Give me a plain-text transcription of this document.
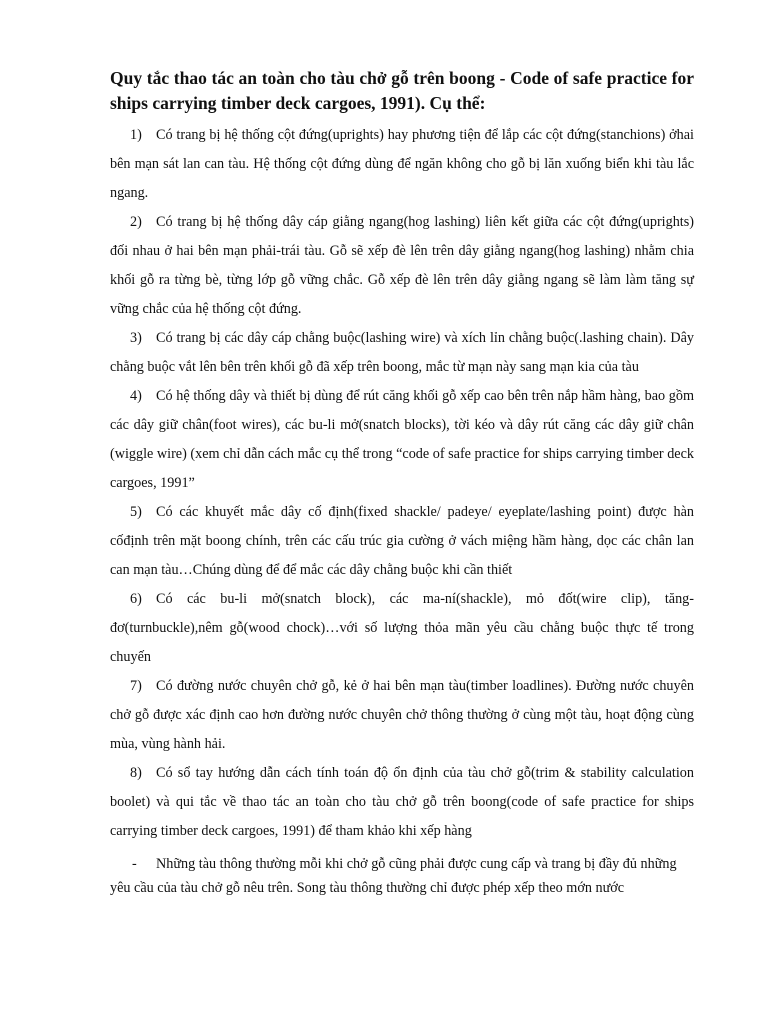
Quy tắc thao tác an toàn cho tàu chở gỗ trên boong - Code of safe practice for ships carrying timber deck cargoes, 1991). Cụ thể:

1) Có trang bị hệ thống cột đứng(uprights) hay phương tiện để lắp các cột đứng(stanchions) ởhai bên mạn sát lan can tàu. Hệ thống cột đứng dùng để ngăn không cho gỗ bị lăn xuống biển khi tàu lắc ngang.

2) Có trang bị hệ thống dây cáp giằng ngang(hog lashing) liên kết giữa các cột đứng(uprights) đối nhau ở hai bên mạn phải-trái tàu. Gỗ sẽ xếp đè lên trên dây giằng ngang(hog lashing) nhằm chia khối gỗ ra từng bè, từng lớp gỗ vững chắc. Gỗ xếp đè lên trên dây giằng ngang sẽ làm làm tăng sự vững chắc của hệ thống cột đứng.

3) Có trang bị các dây cáp chằng buộc(lashing wire) và xích lỉn chằng buộc(.lashing chain). Dây chằng buộc vắt lên bên trên khối gỗ đã xếp trên boong, mắc từ mạn này sang mạn kia của tàu

4) Có hệ thống dây và thiết bị dùng để rút căng khối gỗ xếp cao bên trên nắp hầm hàng, bao gồm các dây giữ chân(foot wires), các bu-li mở(snatch blocks), tời kéo và dây rút căng các dây giữ chân (wiggle wire) (xem chỉ dẫn cách mắc cụ thể trong “code of safe practice for ships carrying timber deck cargoes, 1991”

5) Có các khuyết mắc dây cố định(fixed shackle/ padeye/ eyeplate/lashing point) được hàn cốđịnh trên mặt boong chính, trên các cấu trúc gia cường ở vách miệng hầm hàng, dọc các chân lan can mạn tàu…Chúng dùng để để mắc các dây chằng buộc khi cần thiết

6) Có các bu-li mở(snatch block), các ma-ní(shackle), mỏ đốt(wire clip), tăng-đơ(turnbuckle),nêm gỗ(wood chock)…với số lượng thỏa mãn yêu cầu chằng buộc thực tế trong chuyến

7) Có đường nước chuyên chở gỗ, kẻ ở hai bên mạn tàu(timber loadlines). Đường nước chuyên chở gỗ được xác định cao hơn đường nước chuyên chở thông thường ở cùng một tàu, hoạt động cùng mùa, vùng hành hải.

8) Có sổ tay hướng dẫn cách tính toán độ ổn định của tàu chở gỗ(trim & stability calculation boolet) và qui tắc về thao tác an toàn cho tàu chở gỗ trên boong(code of safe practice for ships carrying timber deck cargoes, 1991) để tham khảo khi xếp hàng

- Những tàu thông thường mỗi khi chở gỗ cũng phải được cung cấp và trang bị đầy đủ những

yêu cầu của tàu chở gỗ nêu trên. Song tàu thông thường chỉ được phép xếp theo mớn nước
